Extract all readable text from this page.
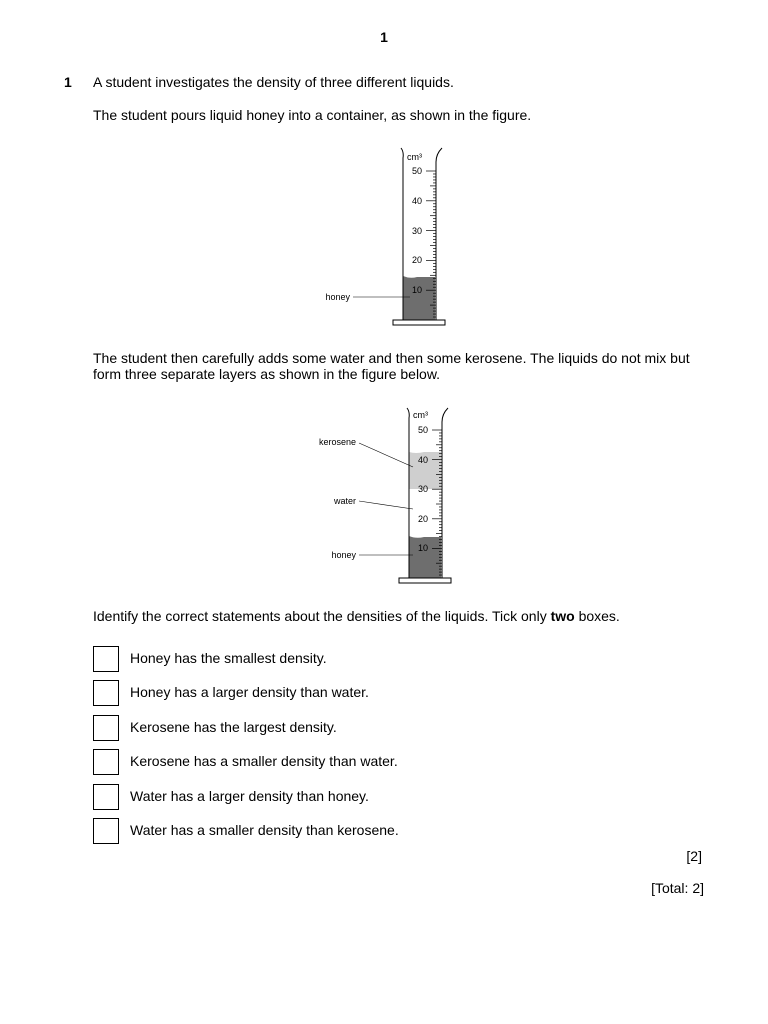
1
1 A student investigates the density of three different liquids.
The student pours liquid honey into a container, as shown in the figure.
cm³
50
40
30
20
10
honey
The student then carefully adds some water and then some kerosene. The liquids do not mix but form three separate layers as shown in the figure below.
cm³
50
40
30
20
10
kerosene
water
honey
Identify the correct statements about the densities of the liquids. Tick only two boxes.
Honey has the smallest density.
Honey has a larger density than water.
Kerosene has the largest density.
Kerosene has a smaller density than water.
Water has a larger density than honey.
Water has a smaller density than kerosene.
[2]
[Total: 2]
